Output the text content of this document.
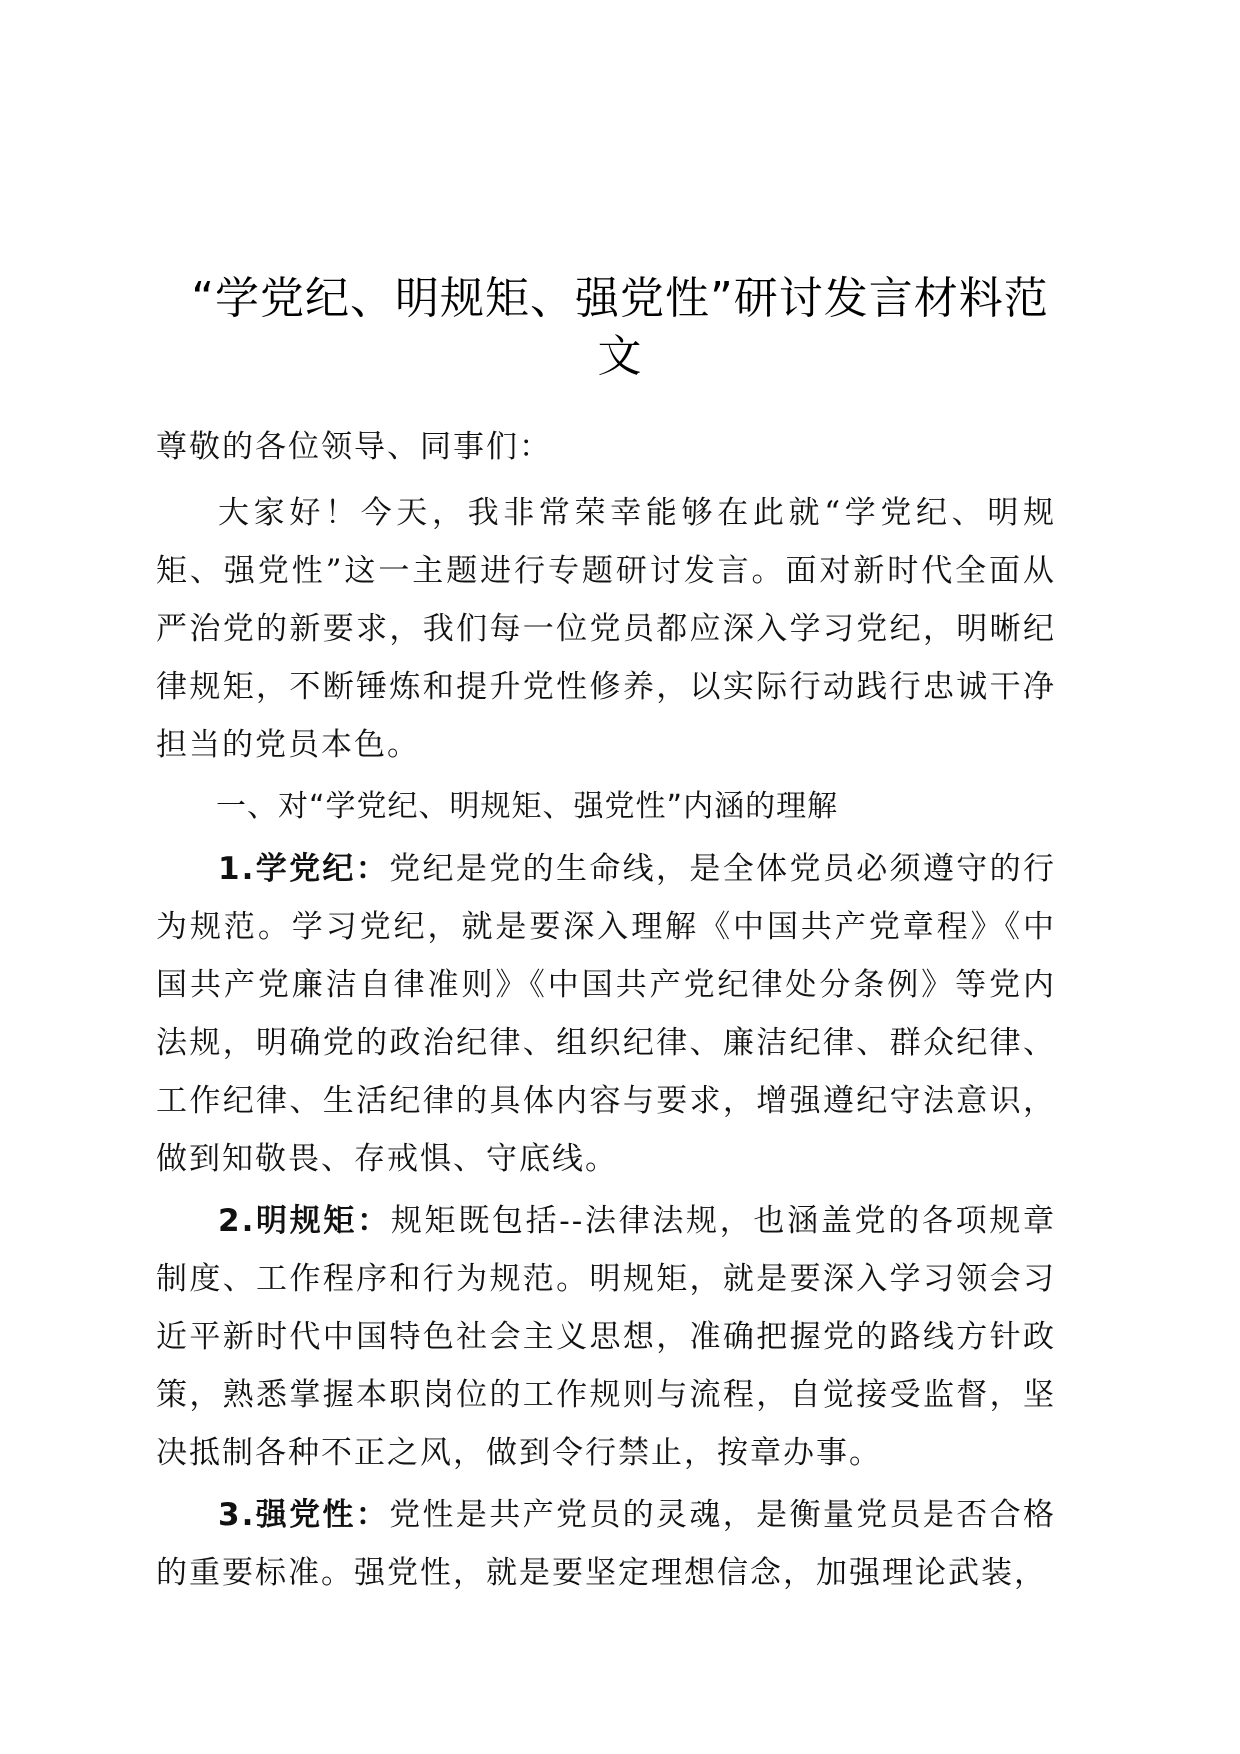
“学党纪、明规矩、强党性”研讨发言材料范
文

尊敬的各位领导、同事们：

大家好！今天，我非常荣幸能够在此就“学党纪、明规矩、强党性”这一主题进行专题研讨发言。面对新时代全面从严治党的新要求，我们每一位党员都应深入学习党纪，明晰纪律规矩，不断锤炼和提升党性修养，以实际行动践行忠诚干净担当的党员本色。

一、对“学党纪、明规矩、强党性”内涵的理解

1.学党纪：党纪是党的生命线，是全体党员必须遵守的行为规范。学习党纪，就是要深入理解《中国共产党章程》《中国共产党廉洁自律准则》《中国共产党纪律处分条例》等党内法规，明确党的政治纪律、组织纪律、廉洁纪律、群众纪律、工作纪律、生活纪律的具体内容与要求，增强遵纪守法意识，做到知敬畏、存戒惧、守底线。

2.明规矩：规矩既包括--法律法规，也涵盖党的各项规章制度、工作程序和行为规范。明规矩，就是要深入学习领会习近平新时代中国特色社会主义思想，准确把握党的路线方针政策，熟悉掌握本职岗位的工作规则与流程，自觉接受监督，坚决抵制各种不正之风，做到令行禁止，按章办事。

3.强党性：党性是共产党员的灵魂，是衡量党员是否合格的重要标准。强党性，就是要坚定理想信念，加强理论武装，
